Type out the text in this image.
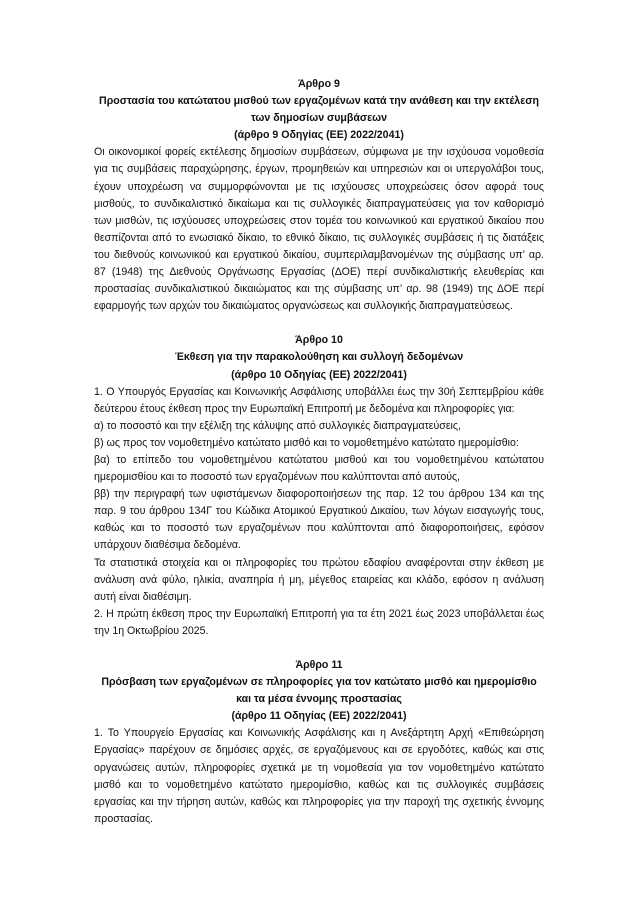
Άρθρο 9
Προστασία του κατώτατου μισθού των εργαζομένων κατά την ανάθεση και την εκτέλεση των δημοσίων συμβάσεων
(άρθρο 9 Οδηγίας (ΕΕ) 2022/2041)

Οι οικονομικοί φορείς εκτέλεσης δημοσίων συμβάσεων, σύμφωνα με την ισχύουσα νομοθεσία για τις συμβάσεις παραχώρησης, έργων, προμηθειών και υπηρεσιών και οι υπεργολάβοι τους, έχουν υποχρέωση να συμμορφώνονται με τις ισχύουσες υποχρεώσεις όσον αφορά τους μισθούς, το συνδικαλιστικό δικαίωμα και τις συλλογικές διαπραγματεύσεις για τον καθορισμό των μισθών, τις ισχύουσες υποχρεώσεις στον τομέα του κοινωνικού και εργατικού δικαίου που θεσπίζονται από το ενωσιακό δίκαιο, το εθνικό δίκαιο, τις συλλογικές συμβάσεις ή τις διατάξεις του διεθνούς κοινωνικού και εργατικού δικαίου, συμπεριλαμβανομένων της σύμβασης υπ’ αρ. 87 (1948) της Διεθνούς Οργάνωσης Εργασίας (ΔΟΕ) περί συνδικαλιστικής ελευθερίας και προστασίας συνδικαλιστικού δικαιώματος και της σύμβασης υπ’ αρ. 98 (1949) της ΔΟΕ περί εφαρμογής των αρχών του δικαιώματος οργανώσεως και συλλογικής διαπραγματεύσεως.

Άρθρο 10
Έκθεση για την παρακολούθηση και συλλογή δεδομένων
(άρθρο 10 Οδηγίας (ΕΕ) 2022/2041)

1. Ο Υπουργός Εργασίας και Κοινωνικής Ασφάλισης υποβάλλει έως την 30ή Σεπτεμβρίου κάθε δεύτερου έτους έκθεση προς την Ευρωπαϊκή Επιτροπή με δεδομένα και πληροφορίες για:

α) το ποσοστό και την εξέλιξη της κάλυψης από συλλογικές διαπραγματεύσεις,

β) ως προς τον νομοθετημένο κατώτατο μισθό και το νομοθετημένο κατώτατο ημερομίσθιο:

βα) το επίπεδο του νομοθετημένου κατώτατου μισθού και του νομοθετημένου κατώτατου ημερομισθίου και το ποσοστό των εργαζομένων που καλύπτονται από αυτούς,

ββ) την περιγραφή των υφιστάμενων διαφοροποιήσεων της παρ. 12 του άρθρου 134 και της παρ. 9 του άρθρου 134Γ του Κώδικα Ατομικού Εργατικού Δικαίου, των λόγων εισαγωγής τους, καθώς και το ποσοστό των εργαζομένων που καλύπτονται από διαφοροποιήσεις, εφόσον υπάρχουν διαθέσιμα δεδομένα.

Τα στατιστικά στοιχεία και οι πληροφορίες του πρώτου εδαφίου αναφέρονται στην έκθεση με ανάλυση ανά φύλο, ηλικία, αναπηρία ή μη, μέγεθος εταιρείας και κλάδο, εφόσον η ανάλυση αυτή είναι διαθέσιμη.

2. Η πρώτη έκθεση προς την Ευρωπαϊκή Επιτροπή για τα έτη 2021 έως 2023 υποβάλλεται έως την 1η Οκτωβρίου 2025.

Άρθρο 11
Πρόσβαση των εργαζομένων σε πληροφορίες για τον κατώτατο μισθό και ημερομίσθιο και τα μέσα έννομης προστασίας
(άρθρο 11 Οδηγίας (ΕΕ) 2022/2041)

1. Το Υπουργείο Εργασίας και Κοινωνικής Ασφάλισης και η Ανεξάρτητη Αρχή «Επιθεώρηση Εργασίας» παρέχουν σε δημόσιες αρχές, σε εργαζόμενους και σε εργοδότες, καθώς και στις οργανώσεις αυτών, πληροφορίες σχετικά με τη νομοθεσία για τον νομοθετημένο κατώτατο μισθό και το νομοθετημένο κατώτατο ημερομίσθιο, καθώς και τις συλλογικές συμβάσεις εργασίας και την τήρηση αυτών, καθώς και πληροφορίες για την παροχή της σχετικής έννομης προστασίας.
